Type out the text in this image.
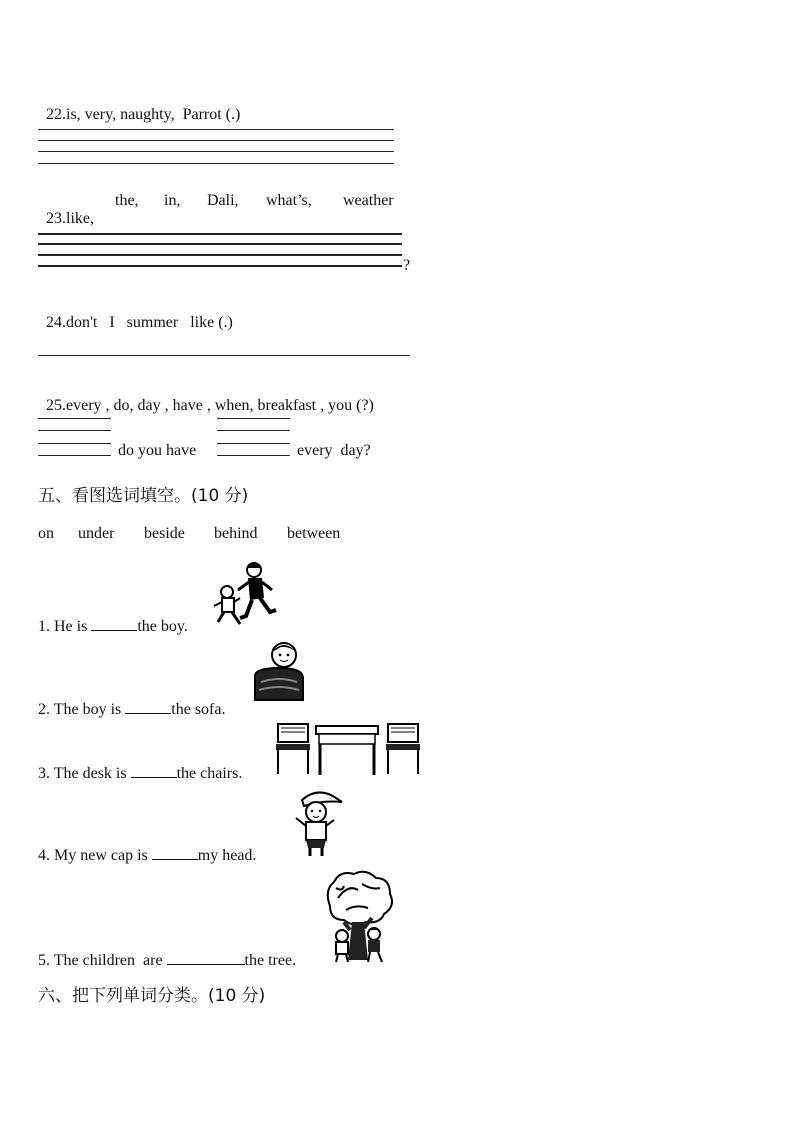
22.is, very, naughty,  Parrot (.)

23.like,

the, in, Dali, what’s, weather
?

24.don't   I   summer   like (.)

25.every , do, day , have , when, breakfast , you (?)

do you have	every  day?
五、看图选词填空。(10 分)
on under beside behind between
1. He is	the boy.
2. The boy is	the sofa.
3. The desk is	the chairs.
4. My new cap is	my head.
5. The children  are	the tree.
六、把下列单词分类。(10 分)
